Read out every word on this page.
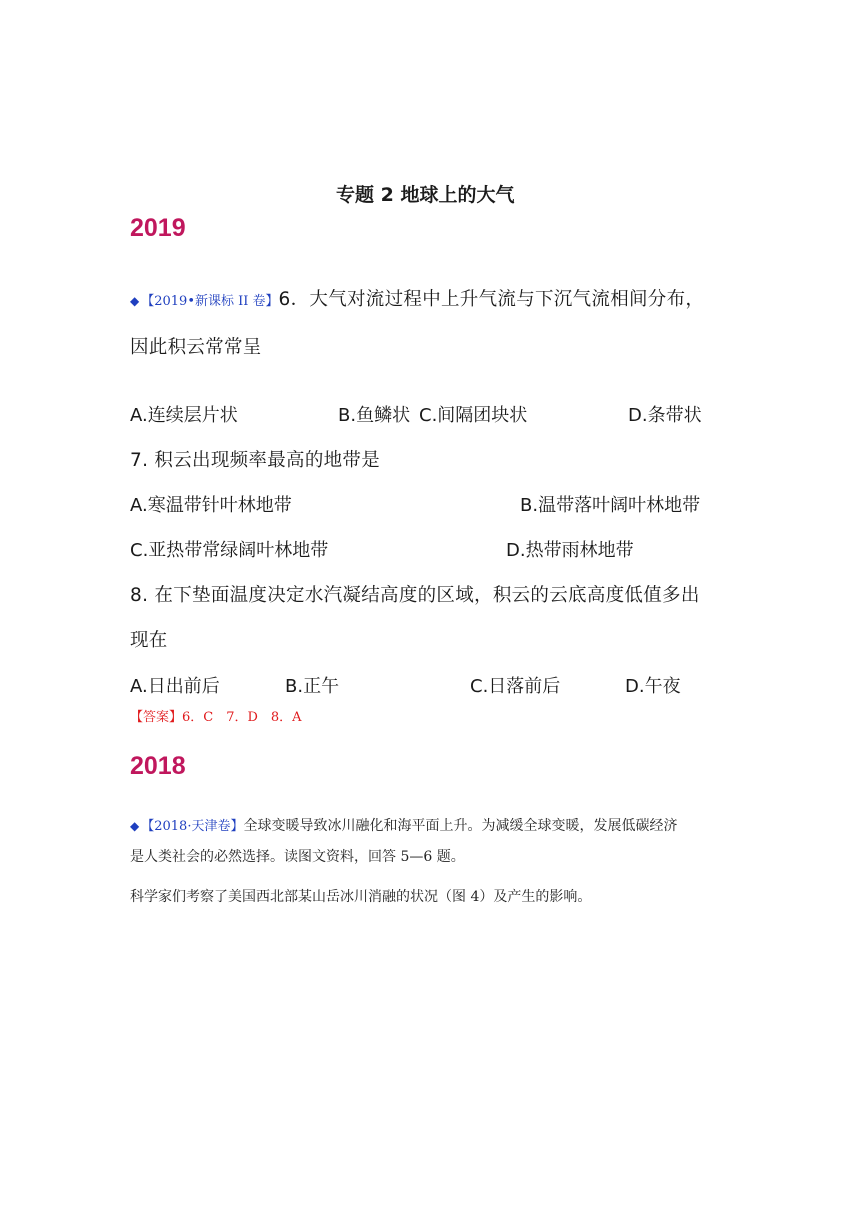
专题 2 地球上的大气
2019
◆ 【2019•新课标 II 卷】6．大气对流过程中上升气流与下沉气流相间分布，
因此积云常常呈
A.连续层片状	B.鱼鳞状 C.间隔团块状	D.条带状
7. 积云出现频率最高的地带是
A.寒温带针叶林地带	B.温带落叶阔叶林地带
C.亚热带常绿阔叶林地带	D.热带雨林地带
8. 在下垫面温度决定水汽凝结高度的区域，积云的云底高度低值多出
现在
A.日出前后	B.正午	C.日落前后	D.午夜
【答案】6．C　7．D　8．A
2018
◆ 【2018·天津卷】全球变暖导致冰川融化和海平面上升。为减缓全球变暖，发展低碳经济
是人类社会的必然选择。读图文资料，回答 5—6 题。
科学家们考察了美国西北部某山岳冰川消融的状况（图 4）及产生的影响。
